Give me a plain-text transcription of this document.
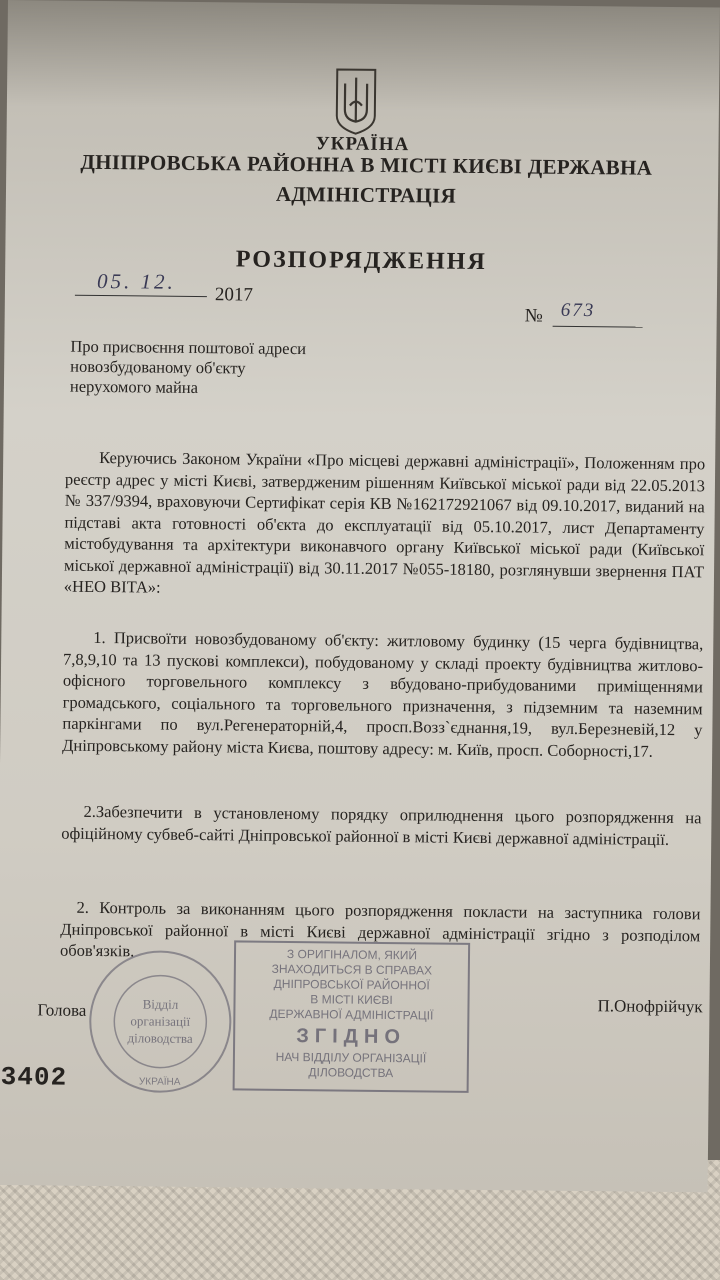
УКРАЇНА
ДНІПРОВСЬКА РАЙОННА В МІСТІ КИЄВІ ДЕРЖАВНА АДМІНІСТРАЦІЯ
РОЗПОРЯДЖЕННЯ
05. 12.
2017
№ 673
Про присвоєння поштової адреси новозбудованому об'єкту нерухомого майна
Керуючись Законом України «Про місцеві державні адміністрації», Положенням про реєстр адрес у місті Києві, затвердженим рішенням Київської міської ради від 22.05.2013 № 337/9394, враховуючи Сертифікат серія КВ №162172921067 від 09.10.2017, виданий на підставі акта готовності об'єкта до експлуатації від 05.10.2017, лист Департаменту містобудування та архітектури виконавчого органу Київської міської ради (Київської міської державної адміністрації) від 30.11.2017 №055-18180, розглянувши звернення ПАТ «НЕО ВІТА»:
1. Присвоїти новозбудованому об'єкту: житловому будинку (15 черга будівництва, 7,8,9,10 та 13 пускові комплекси), побудованому у складі проекту будівництва житлово-офісного торговельного комплексу з вбудовано-прибудованими приміщеннями громадського, соціального та торговельного призначення, з підземним та наземним паркінгами по вул.Регенераторній,4, просп.Возз`єднання,19, вул.Березневій,12 у Дніпровському району міста Києва, поштову адресу: м. Київ, просп. Соборності,17.
2.Забезпечити в установленому порядку оприлюднення цього розпорядження на офіційному субвеб-сайті Дніпровської районної в місті Києві державної адміністрації.
2. Контроль за виконанням цього розпорядження покласти на заступника голови Дніпровської районної в місті Києві державної адміністрації згідно з розподілом обов'язків.
Голова	П.Онофрійчук
3402
Відділ
організації
діловодства
УКРАЇНА
З ОРИГІНАЛОМ, ЯКИЙ
ЗНАХОДИТЬСЯ В СПРАВАХ
ДНІПРОВСЬКОЇ РАЙОННОЇ
В МІСТІ КИЄВІ
ДЕРЖАВНОЇ АДМІНІСТРАЦІЇ
ЗГІДНО
НАЧ ВІДДІЛУ ОРГАНІЗАЦІЇ
ДІЛОВОДСТВА
